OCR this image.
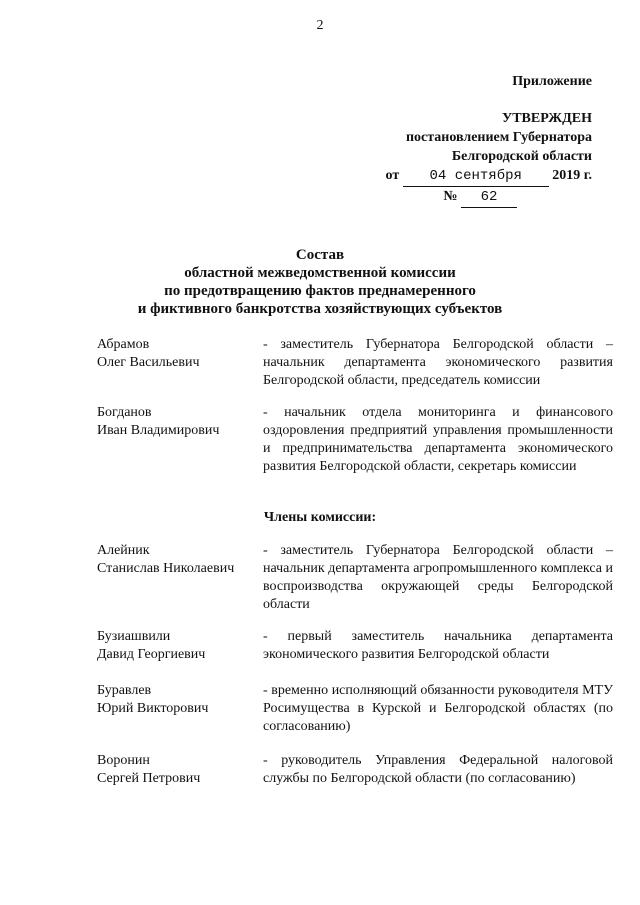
2
Приложение
УТВЕРЖДЕН
постановлением Губернатора
Белгородской области
от 04 сентября 2019 г.
№ 62
Состав
областной межведомственной комиссии
по предотвращению фактов преднамеренного
и фиктивного банкротства хозяйствующих субъектов
Абрамов
Олег Васильевич
- заместитель Губернатора Белгородской области – начальник департамента экономического развития Белгородской области, председатель комиссии
Богданов
Иван Владимирович
- начальник отдела мониторинга и финансового оздоровления предприятий управления промышленности и предпринимательства департамента экономического развития Белгородской области, секретарь комиссии
Члены комиссии:
Алейник
Станислав Николаевич
- заместитель Губернатора Белгородской области – начальник департамента агропромышленного комплекса и воспроизводства окружающей среды Белгородской области
Бузиашвили
Давид Георгиевич
- первый заместитель начальника департамента экономического развития Белгородской области
Буравлев
Юрий Викторович
- временно исполняющий обязанности руководителя МТУ Росимущества в Курской и Белгородской областях (по согласованию)
Воронин
Сергей Петрович
- руководитель Управления Федеральной налоговой службы по Белгородской области (по согласованию)
